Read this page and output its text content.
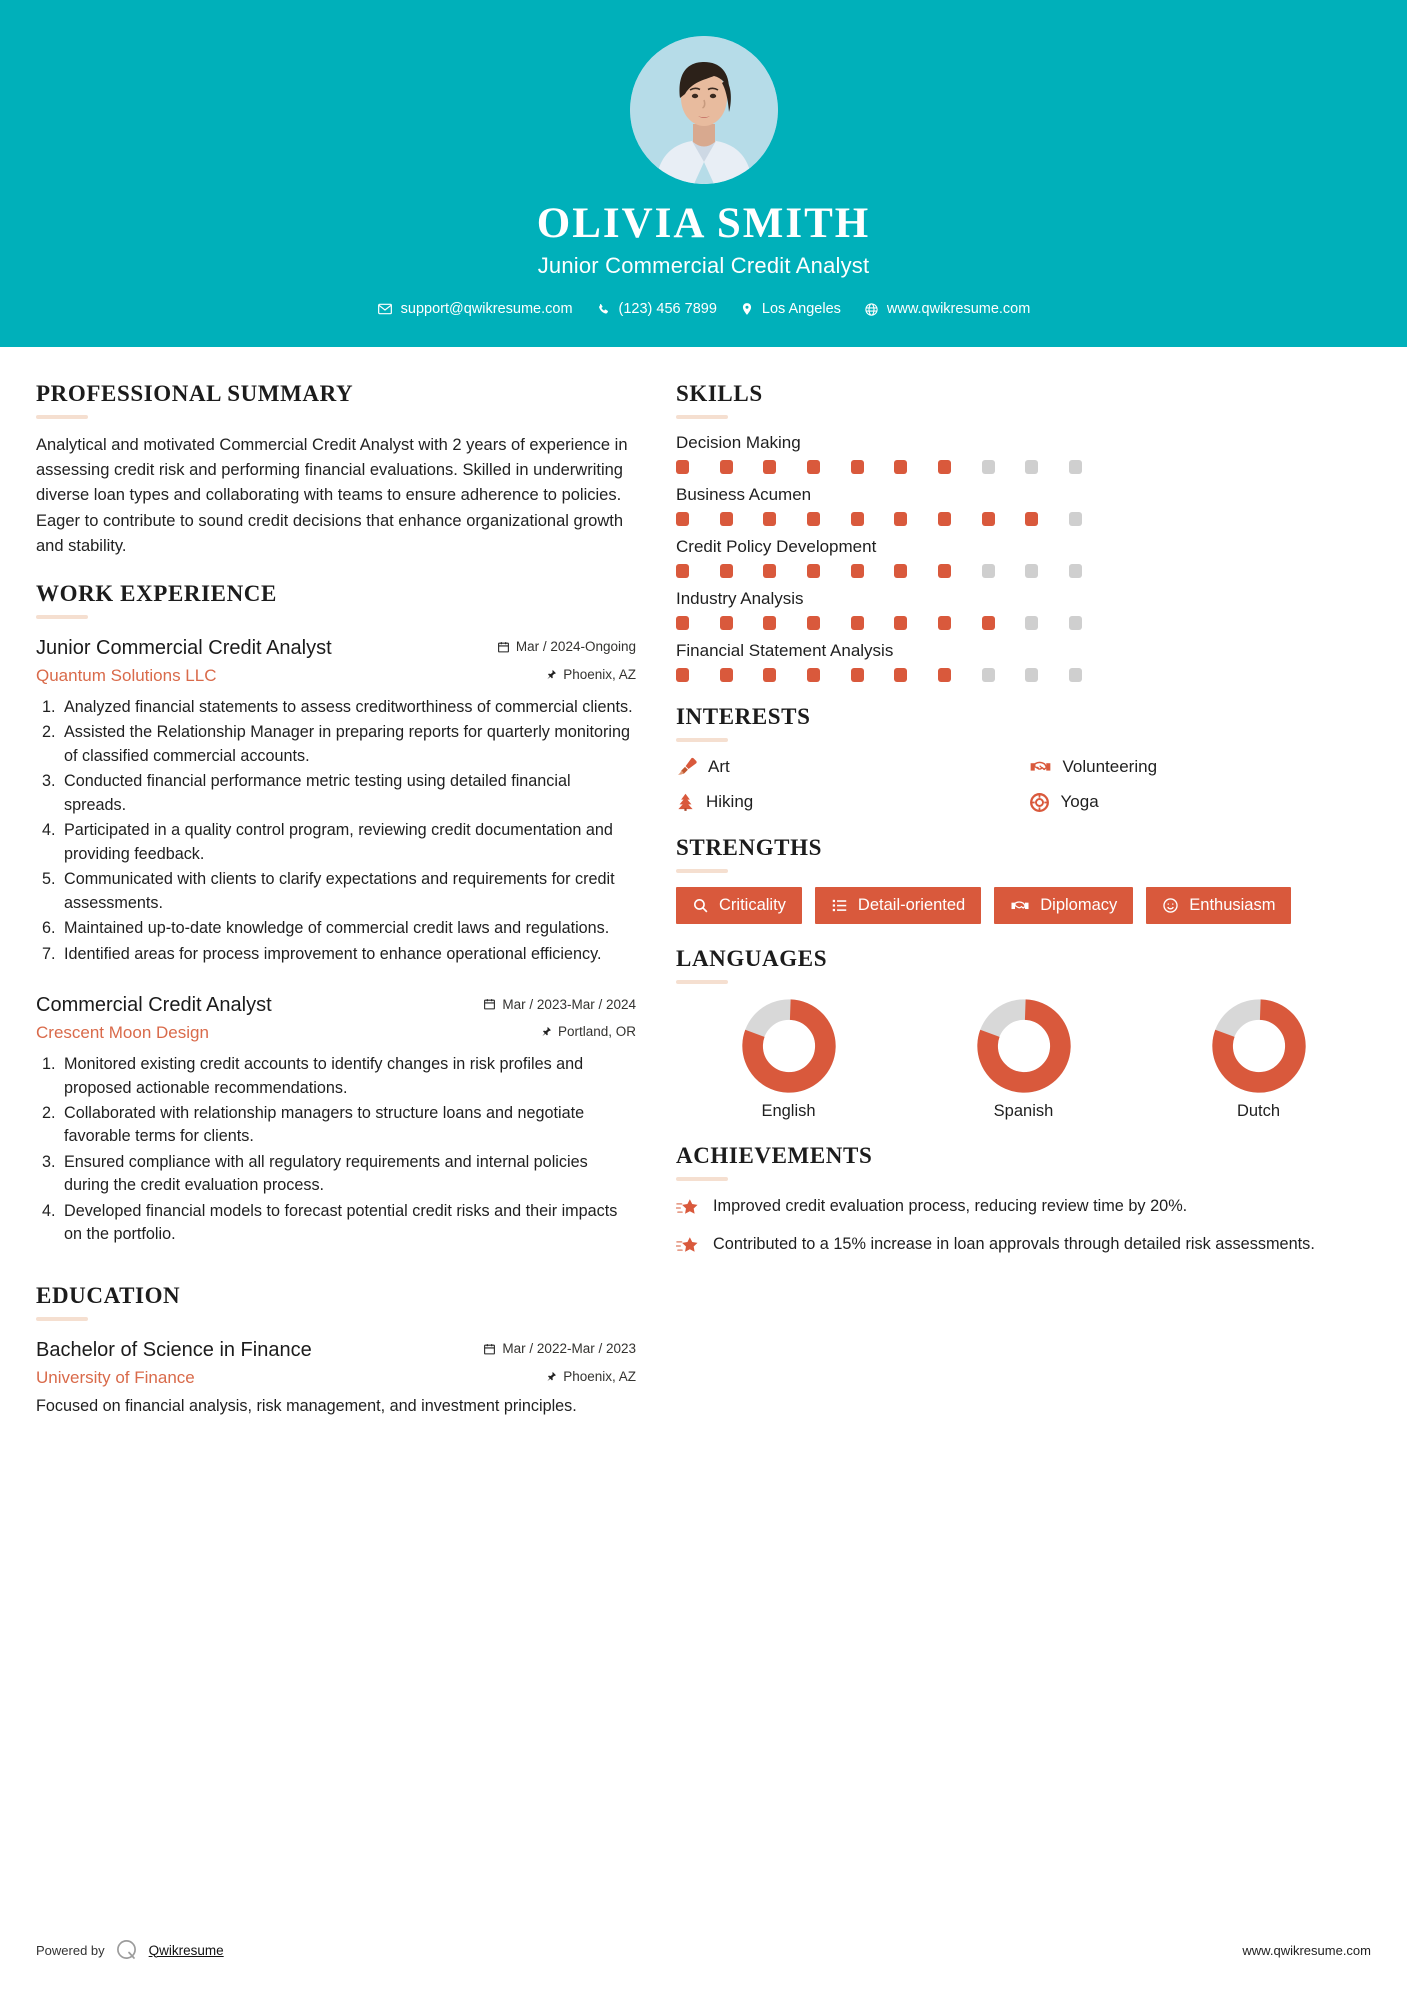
OLIVIA SMITH
Junior Commercial Credit Analyst
support@qwikresume.com	(123) 456 7899	Los Angeles	www.qwikresume.com
PROFESSIONAL SUMMARY
Analytical and motivated Commercial Credit Analyst with 2 years of experience in assessing credit risk and performing financial evaluations. Skilled in underwriting diverse loan types and collaborating with teams to ensure adherence to policies. Eager to contribute to sound credit decisions that enhance organizational growth and stability.
WORK EXPERIENCE
Junior Commercial Credit Analyst	Mar / 2024-Ongoing
Quantum Solutions LLC	Phoenix, AZ
1. Analyzed financial statements to assess creditworthiness of commercial clients.
2. Assisted the Relationship Manager in preparing reports for quarterly monitoring of classified commercial accounts.
3. Conducted financial performance metric testing using detailed financial spreads.
4. Participated in a quality control program, reviewing credit documentation and providing feedback.
5. Communicated with clients to clarify expectations and requirements for credit assessments.
6. Maintained up-to-date knowledge of commercial credit laws and regulations.
7. Identified areas for process improvement to enhance operational efficiency.
Commercial Credit Analyst	Mar / 2023-Mar / 2024
Crescent Moon Design	Portland, OR
1. Monitored existing credit accounts to identify changes in risk profiles and proposed actionable recommendations.
2. Collaborated with relationship managers to structure loans and negotiate favorable terms for clients.
3. Ensured compliance with all regulatory requirements and internal policies during the credit evaluation process.
4. Developed financial models to forecast potential credit risks and their impacts on the portfolio.
EDUCATION
Bachelor of Science in Finance	Mar / 2022-Mar / 2023
University of Finance	Phoenix, AZ
Focused on financial analysis, risk management, and investment principles.
SKILLS
Decision Making
Business Acumen
Credit Policy Development
Industry Analysis
Financial Statement Analysis
INTERESTS
Art	Volunteering
Hiking	Yoga
STRENGTHS
Criticality	Detail-oriented	Diplomacy	Enthusiasm
LANGUAGES
English	Spanish	Dutch
ACHIEVEMENTS
Improved credit evaluation process, reducing review time by 20%.
Contributed to a 15% increase in loan approvals through detailed risk assessments.
Powered by	Qwikresume	www.qwikresume.com
